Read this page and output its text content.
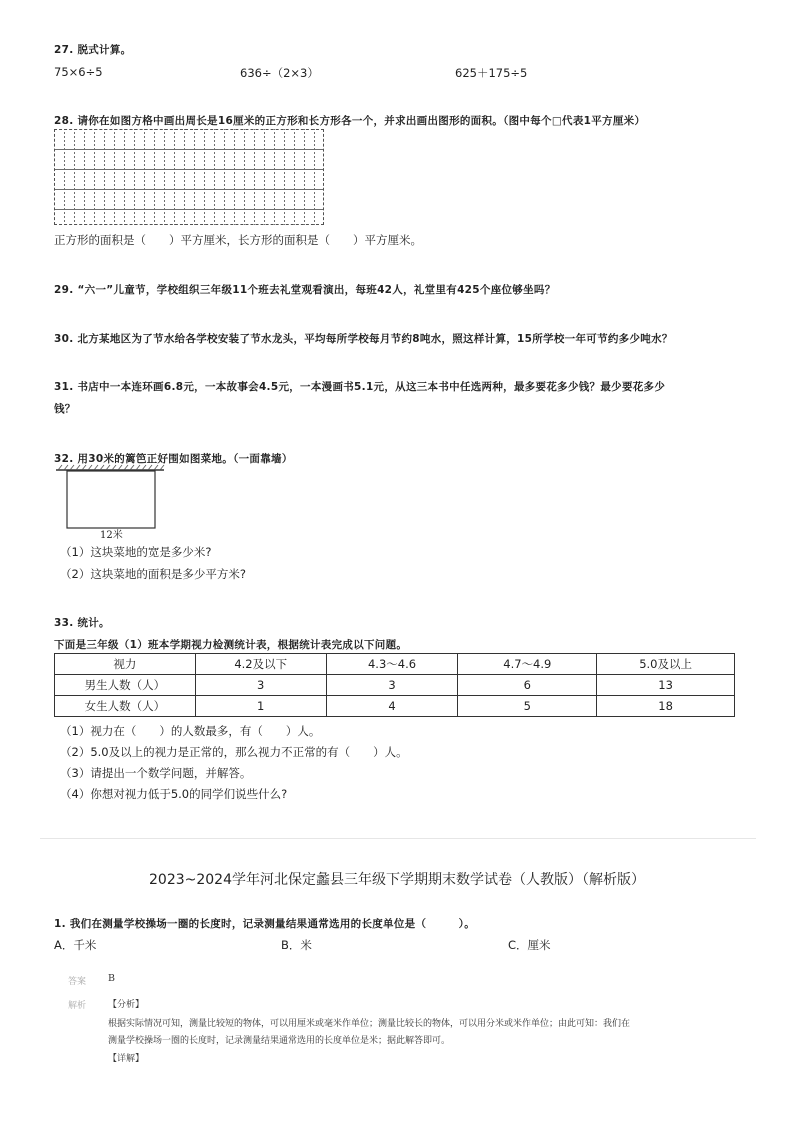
27. 脱式计算。
75×6÷5	636÷（2×3）	625＋175÷5
28. 请你在如图方格中画出周长是16厘米的正方形和长方形各一个，并求出画出图形的面积。（图中每个□代表1平方厘米）
正方形的面积是（　　）平方厘米，长方形的面积是（　　）平方厘米。
29. “六一”儿童节，学校组织三年级11个班去礼堂观看演出，每班42人，礼堂里有425个座位够坐吗？
30. 北方某地区为了节水给各学校安装了节水龙头，平均每所学校每月节约8吨水，照这样计算，15所学校一年可节约多少吨水？
31. 书店中一本连环画6.8元，一本故事会4.5元，一本漫画书5.1元，从这三本书中任选两种，最多要花多少钱？最少要花多少
钱？
32. 用30米的篱笆正好围如图菜地。（一面靠墙）
12米
（1）这块菜地的宽是多少米?
（2）这块菜地的面积是多少平方米?
33. 统计。
下面是三年级（1）班本学期视力检测统计表，根据统计表完成以下问题。
视力	4.2及以下	4.3～4.6	4.7～4.9	5.0及以上
男生人数（人）	3	3	6	13
女生人数（人）	1	4	5	18
（1）视力在（　　）的人数最多，有（　　）人。
（2）5.0及以上的视力是正常的，那么视力不正常的有（　　）人。
（3）请提出一个数学问题，并解答。
（4）你想对视力低于5.0的同学们说些什么?
2023~2024学年河北保定蠡县三年级下学期期末数学试卷（人教版）（解析版）
1. 我们在测量学校操场一圈的长度时，记录测量结果通常选用的长度单位是（　　　）。
A．千米	B．米	C．厘米
答案 B
解析 【分析】
根据实际情况可知，测量比较短的物体，可以用厘米或毫米作单位；测量比较长的物体，可以用分米或米作单位；由此可知：我们在
测量学校操场一圈的长度时，记录测量结果通常选用的长度单位是米；据此解答即可。
【详解】
